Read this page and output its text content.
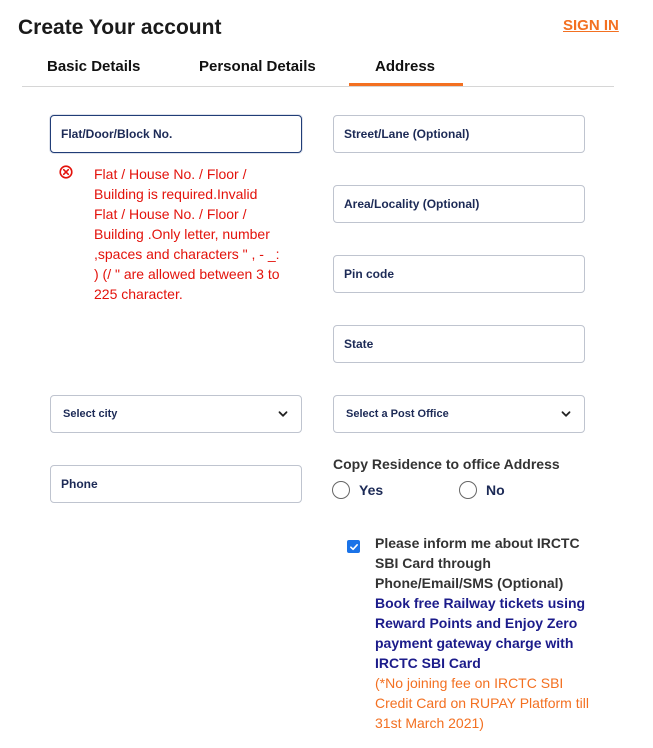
Create Your account	SIGN IN
Basic Details	Personal Details	Address
Flat/Door/Block No.
Street/Lane (Optional)
Area/Locality (Optional)
Pin code
State
Flat / House No. / Floor / Building is required.Invalid Flat / House No. / Floor / Building .Only letter, number ,spaces and characters " , - _: ) (/ " are allowed between 3 to 225 character.
Select city	Select a Post Office
Phone
Copy Residence to office Address
Yes	No
Please inform me about IRCTC SBI Card through Phone/Email/SMS (Optional)
Book free Railway tickets using Reward Points and Enjoy Zero payment gateway charge with IRCTC SBI Card
(*No joining fee on IRCTC SBI Credit Card on RUPAY Platform till 31st March 2021)
